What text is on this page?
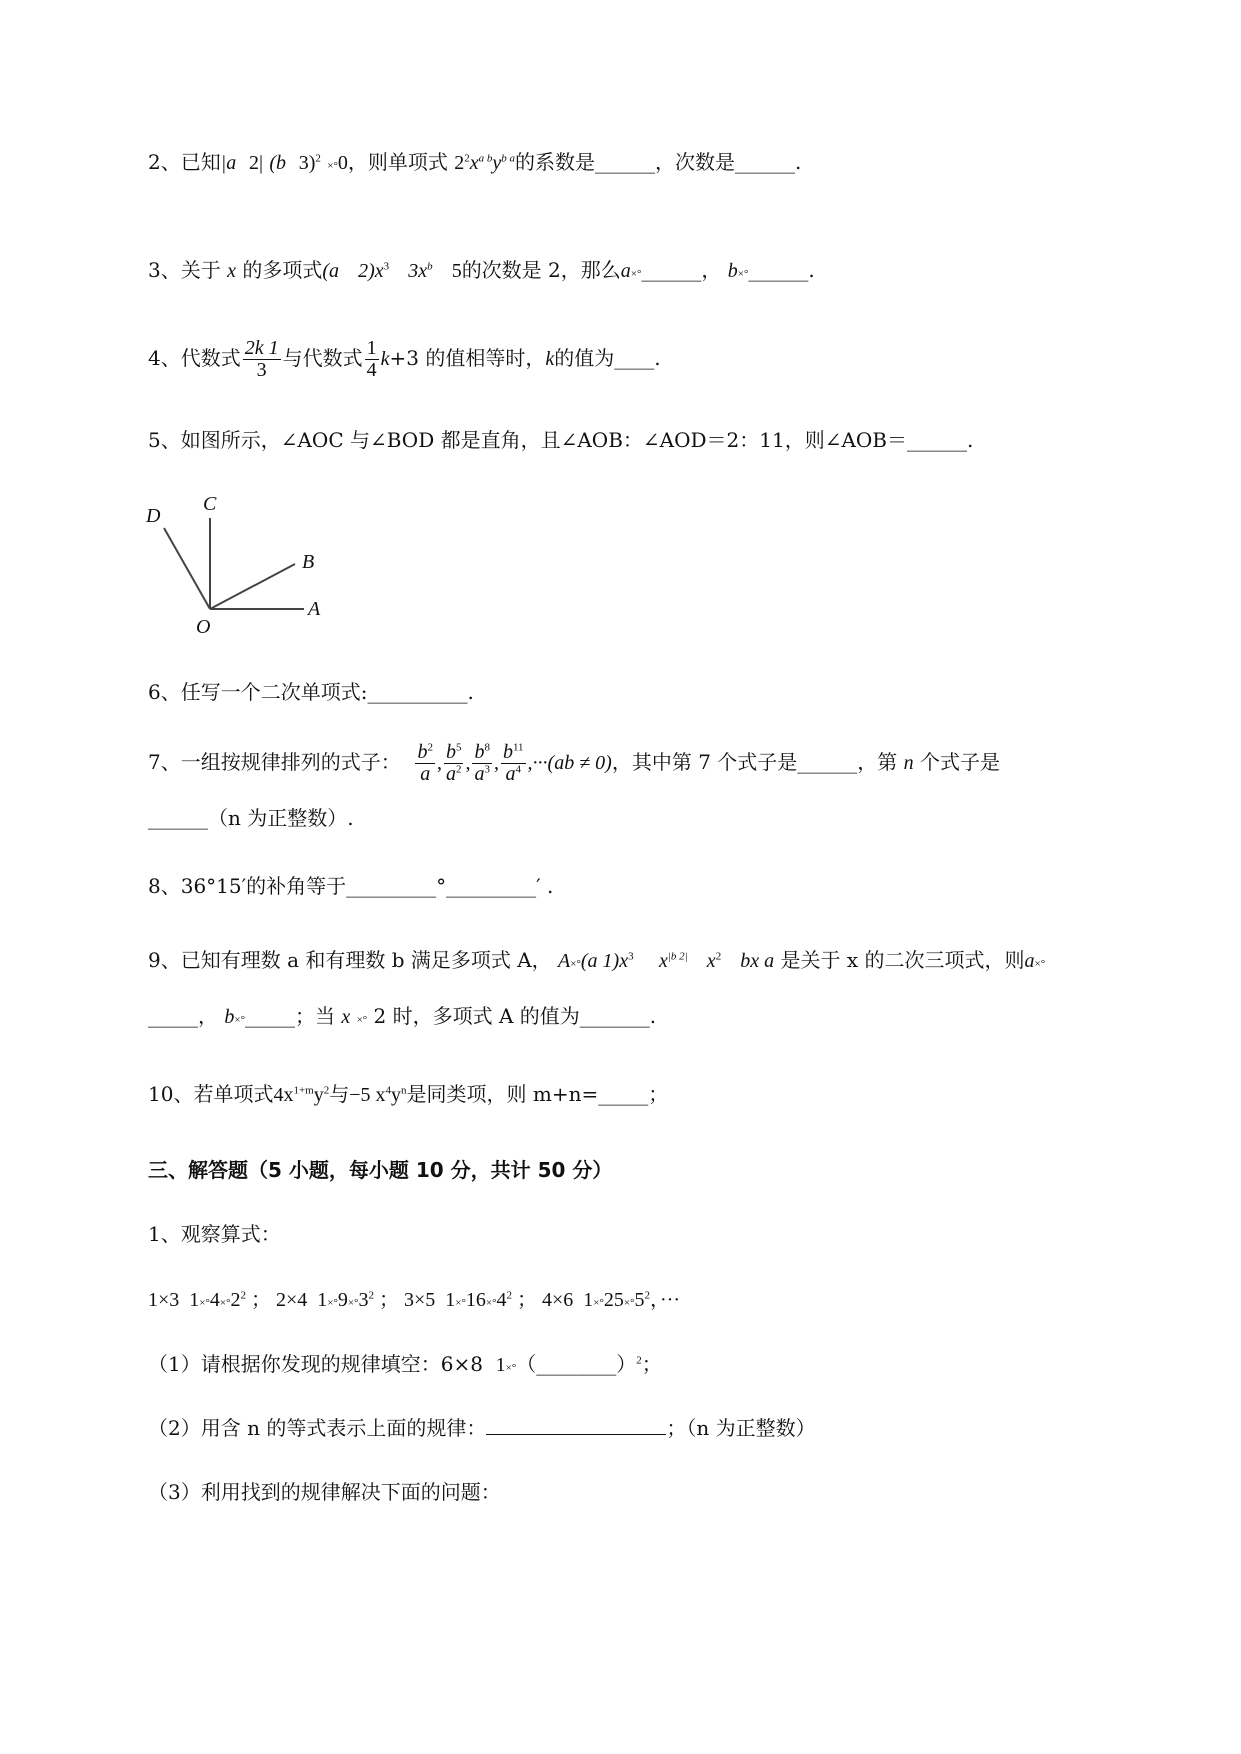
2、已知|a 2| (b 3)$^2$ ×°0，则单项式 $2^2x^{a b}y^{b a}$的系数是______，次数是______.
3、关于 x 的多项式(a $2)x^3$ $3x^b$ 5的次数是 2，那么a×°______， b×°______.
4、代数式 $\frac{2k 1}{3}$ 与代数式 $\frac{1}{4} k+3$ 的值相等时，k的值为____.
5、如图所示，∠AOC 与∠BOD 都是直角，且∠AOB：∠AOD＝2：11，则∠AOB＝______.
D
C
B
O
A
6、任写一个二次单项式:__________.
7、一组按规律排列的式子： $\frac{b^2}{a}$ , $\frac{b^5}{a^2}$ , $\frac{b^8}{a^3}$ , $\frac{b^{11}}{a^4} ,\cdot\cdot\cdot(ab \ne 0)$，其中第 7 个式子是______，第 n 个式子是
______（n 为正整数）.
8、36°15′的补角等于_________°_________′ .
9、已知有理数 a 和有理数 b 满足多项式 A， A×°(a $1)x^3$ $x^{|b 2|}$ $x^2$ bx a 是关于 x 的二次三项式，则a×°
_____， b×°_____；当 x ×° 2 时，多项式 A 的值为_______.
10、若单项式$4x^{1+m}y^2$与−5 $x^4y^n$是同类项，则 m+n=_____；
三、解答题（5 小题，每小题 10 分，共计 50 分）
1、观察算式：
1×3 $1\times^\circ 4\times^\circ 2^2$ ； 2×4 $1\times^\circ 9\times^\circ 3^2$ ； 3×5 $1\times^\circ 16\times^\circ 4^2$ ； 4×6 $1\times^\circ 25\times^\circ 5^2$，···
（1）请根据你发现的规律填空：6×8 1×°（________）$^2$；
（2）用含 n 的等式表示上面的规律：	；（n 为正整数）
（3）利用找到的规律解决下面的问题：
